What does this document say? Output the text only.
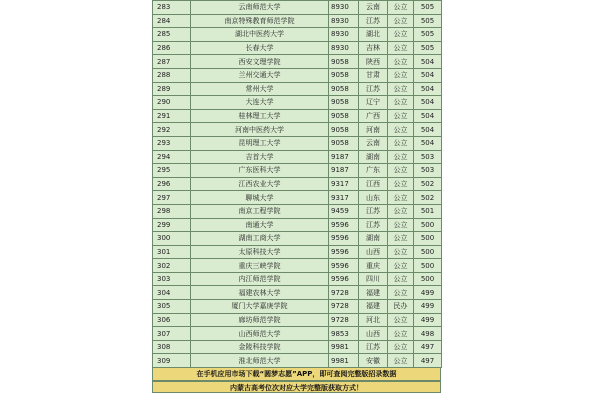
283	云南师范大学	8930	云南	公立	505
284	南京特殊教育师范学院	8930	江苏	公立	505
285	湖北中医药大学	8930	湖北	公立	505
286	长春大学	8930	吉林	公立	505
287	西安文理学院	9058	陕西	公立	504
288	兰州交通大学	9058	甘肃	公立	504
289	常州大学	9058	江苏	公立	504
290	大连大学	9058	辽宁	公立	504
291	桂林理工大学	9058	广西	公立	504
292	河南中医药大学	9058	河南	公立	504
293	昆明理工大学	9058	云南	公立	504
294	吉首大学	9187	湖南	公立	503
295	广东医科大学	9187	广东	公立	503
296	江西农业大学	9317	江西	公立	502
297	聊城大学	9317	山东	公立	502
298	南京工程学院	9459	江苏	公立	501
299	南通大学	9596	江苏	公立	500
300	湖南工商大学	9596	湖南	公立	500
301	太原科技大学	9596	山西	公立	500
302	重庆三峡学院	9596	重庆	公立	500
303	内江师范学院	9596	四川	公立	500
304	福建农林大学	9728	福建	公立	499
305	厦门大学嘉庚学院	9728	福建	民办	499
306	廊坊师范学院	9728	河北	公立	499
307	山西师范大学	9853	山西	公立	498
308	金陵科技学院	9981	江苏	公立	497
309	淮北师范大学	9981	安徽	公立	497
在手机应用市场下载“圆梦志愿”APP，即可查阅完整版招录数据
内蒙古高考位次对应大学完整版获取方式！
